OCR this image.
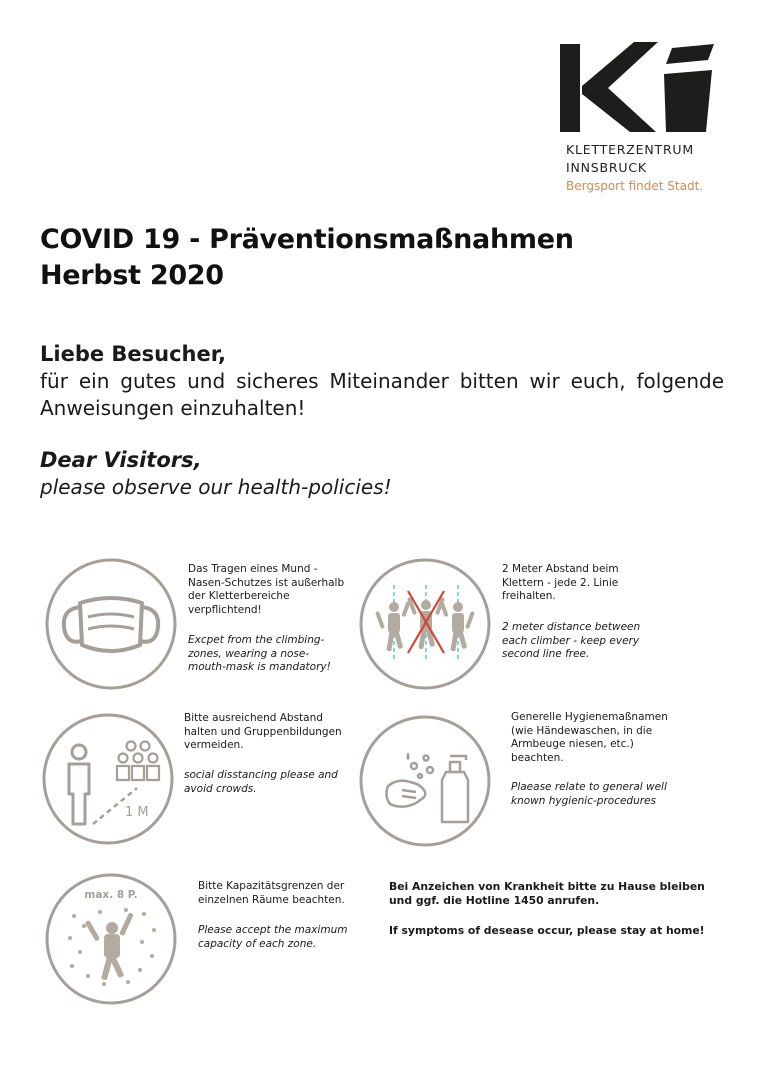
KLETTERZENTRUM
INNSBRUCK
Bergsport findet Stadt.
COVID 19 - Präventionsmaßnahmen
Herbst 2020
Liebe Besucher,
für ein gutes und sicheres Miteinander bitten wir euch, folgende Anweisungen einzuhalten!
Dear Visitors,
please observe our health-policies!
Das Tragen eines Mund -
Nasen-Schutzes ist außerhalb
der Kletterbereiche
verpflichtend!
Excpet from the climbing-
zones, wearing a nose-
mouth-mask is mandatory!
2 Meter Abstand beim
Klettern - jede 2. Linie
freihalten.
2 meter distance between
each climber - keep every
second line free.
1 M
Bitte ausreichend Abstand
halten und Gruppenbildungen
vermeiden.
social disstancing please and
avoid crowds.
Generelle Hygienemaßnamen
(wie Händewaschen, in die
Armbeuge niesen, etc.)
beachten.
Plaease relate to general well
known hygienic-procedures
max. 8 P.
Bitte Kapazitätsgrenzen der
einzelnen Räume beachten.
Please accept the maximum
capacity of each zone.
Bei Anzeichen von Krankheit bitte zu Hause bleiben
und ggf. die Hotline 1450 anrufen.
If symptoms of desease occur, please stay at home!
